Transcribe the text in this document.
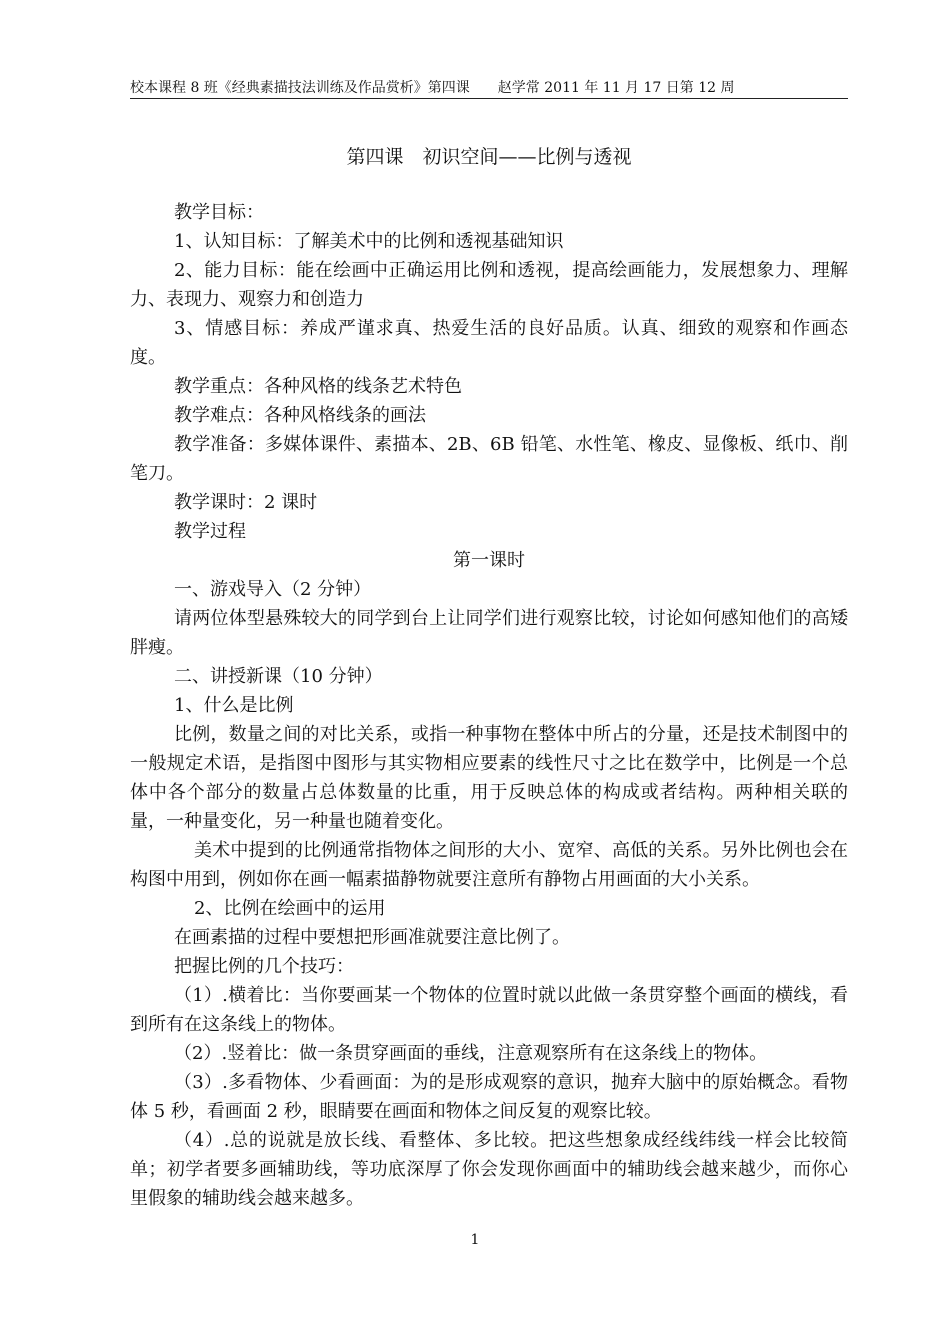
校本课程 8 班《经典素描技法训练及作品赏析》第四课　　赵学常 2011 年 11 月 17 日第 12 周
第四课　初识空间——比例与透视

教学目标：

1、认知目标：了解美术中的比例和透视基础知识

2、能力目标：能在绘画中正确运用比例和透视，提高绘画能力，发展想象力、理解力、表现力、观察力和创造力

3、情感目标：养成严谨求真、热爱生活的良好品质。认真、细致的观察和作画态度。

教学重点：各种风格的线条艺术特色

教学难点：各种风格线条的画法

教学准备：多媒体课件、素描本、2B、6B 铅笔、水性笔、橡皮、显像板、纸巾、削笔刀。

教学课时：2 课时

教学过程

第一课时

一、游戏导入（2 分钟）

请两位体型悬殊较大的同学到台上让同学们进行观察比较，讨论如何感知他们的高矮胖瘦。

二、讲授新课（10 分钟）

1、什么是比例

比例，数量之间的对比关系，或指一种事物在整体中所占的分量，还是技术制图中的一般规定术语，是指图中图形与其实物相应要素的线性尺寸之比在数学中，比例是一个总体中各个部分的数量占总体数量的比重，用于反映总体的构成或者结构。两种相关联的量，一种量变化，另一种量也随着变化。

美术中提到的比例通常指物体之间形的大小、宽窄、高低的关系。另外比例也会在构图中用到，例如你在画一幅素描静物就要注意所有静物占用画面的大小关系。

2、比例在绘画中的运用

在画素描的过程中要想把形画准就要注意比例了。

把握比例的几个技巧：

（1）.横着比：当你要画某一个物体的位置时就以此做一条贯穿整个画面的横线，看到所有在这条线上的物体。

（2）.竖着比：做一条贯穿画面的垂线，注意观察所有在这条线上的物体。

（3）.多看物体、少看画面：为的是形成观察的意识，抛弃大脑中的原始概念。看物体 5 秒，看画面 2 秒，眼睛要在画面和物体之间反复的观察比较。

（4）.总的说就是放长线、看整体、多比较。把这些想象成经线纬线一样会比较简单；初学者要多画辅助线，等功底深厚了你会发现你画面中的辅助线会越来越少，而你心里假象的辅助线会越来越多。

1
